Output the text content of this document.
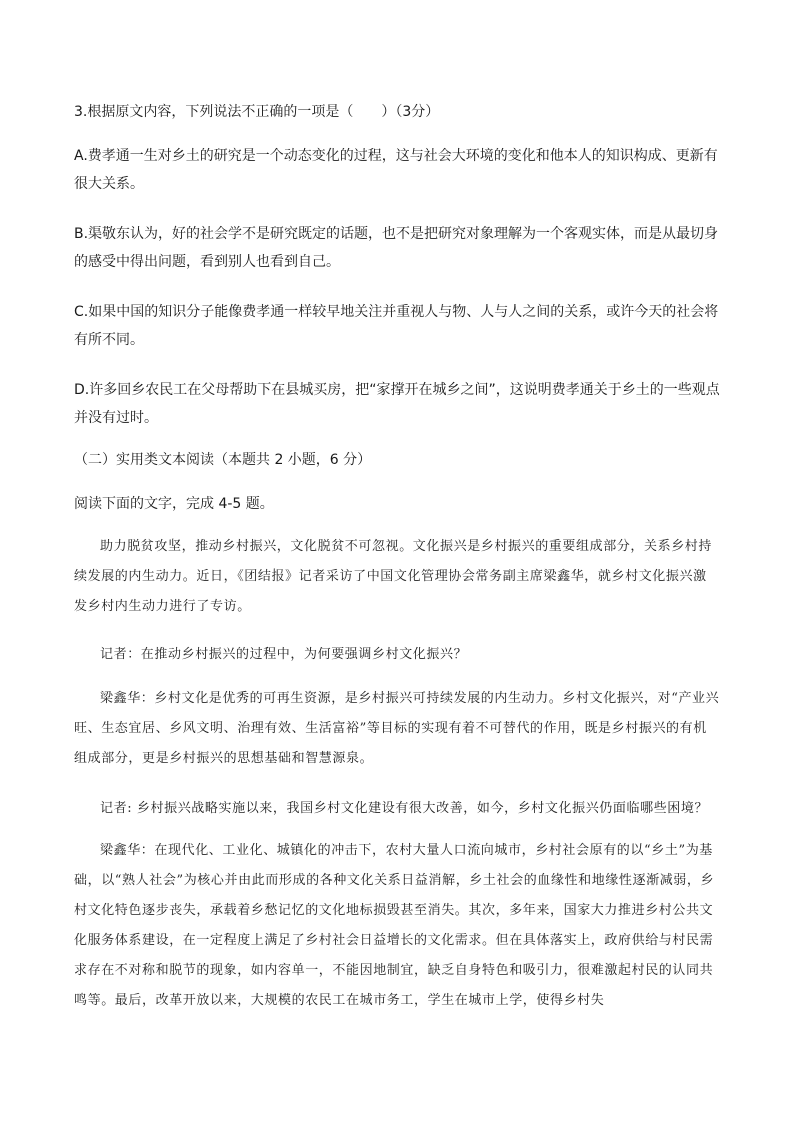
3.根据原文内容，下列说法不正确的一项是（　　）（3分）
A.费孝通一生对乡土的研究是一个动态变化的过程，这与社会大环境的变化和他本人的知识构成、更新有很大关系。
B.渠敬东认为，好的社会学不是研究既定的话题，也不是把研究对象理解为一个客观实体，而是从最切身的感受中得出问题，看到别人也看到自己。
C.如果中国的知识分子能像费孝通一样较早地关注并重视人与物、人与人之间的关系，或许今天的社会将有所不同。
D.许多回乡农民工在父母帮助下在县城买房，把“家撑开在城乡之间”，这说明费孝通关于乡土的一些观点并没有过时。
（二）实用类文本阅读（本题共 2 小题，6 分）
阅读下面的文字，完成 4-5 题。
助力脱贫攻坚，推动乡村振兴，文化脱贫不可忽视。文化振兴是乡村振兴的重要组成部分，关系乡村持续发展的内生动力。近日，《团结报》记者采访了中国文化管理协会常务副主席梁鑫华，就乡村文化振兴激发乡村内生动力进行了专访。
记者：在推动乡村振兴的过程中，为何要强调乡村文化振兴？
梁鑫华：乡村文化是优秀的可再生资源，是乡村振兴可持续发展的内生动力。乡村文化振兴，对“产业兴旺、生态宜居、乡风文明、治理有效、生活富裕”等目标的实现有着不可替代的作用，既是乡村振兴的有机组成部分，更是乡村振兴的思想基础和智慧源泉。
记者: 乡村振兴战略实施以来，我国乡村文化建设有很大改善，如今，乡村文化振兴仍面临哪些困境？
梁鑫华：在现代化、工业化、城镇化的冲击下，农村大量人口流向城市，乡村社会原有的以“乡土”为基础，以“熟人社会”为核心并由此而形成的各种文化关系日益消解，乡土社会的血缘性和地缘性逐渐减弱，乡村文化特色逐步丧失，承载着乡愁记忆的文化地标损毁甚至消失。其次，多年来，国家大力推进乡村公共文化服务体系建设，在一定程度上满足了乡村社会日益增长的文化需求。但在具体落实上，政府供给与村民需求存在不对称和脱节的现象，如内容单一，不能因地制宜，缺乏自身特色和吸引力，很难激起村民的认同共鸣等。最后，改革开放以来，大规模的农民工在城市务工，学生在城市上学，使得乡村失
